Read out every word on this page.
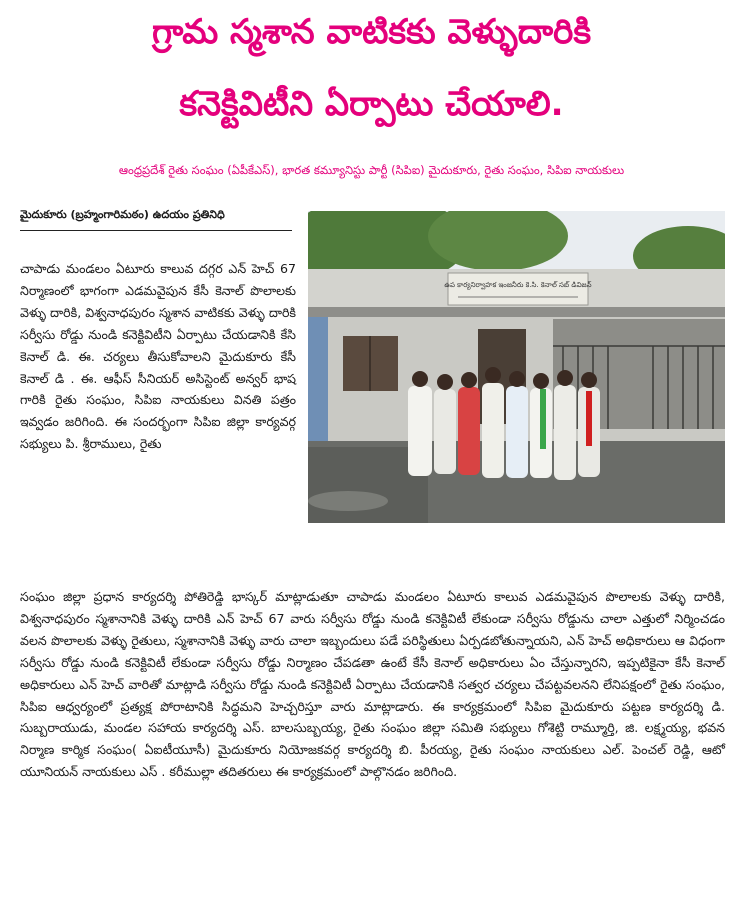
గ్రామ స్మశాన వాటికకు వెళ్ళుదారికి
కనెక్టివిటీని ఏర్పాటు చేయాలి.
ఆంధ్రప్రదేశ్ రైతు సంఘం (ఏపీకేఎస్), భారత కమ్యూనిస్టు పార్టీ (సిపిఐ) మైదుకూరు, రైతు సంఘం, సిపిఐ నాయకులు
మైదుకూరు (బ్రహ్మంగారిమఠం) ఉదయం ప్రతినిధి
ఉప కార్యనిర్వాహక ఇంజనీరు కె.సి. కెనాల్ సబ్ డివిజన్

చాపాడు మండలం ఏటూరు కాలువ దగ్గర ఎన్ హెచ్ 67 నిర్మాణంలో భాగంగా ఎడమవైపున కేసీ కెనాల్ పొలాలకు వెళ్ళు దారికి, విశ్వనాధపురం స్మశాన వాటికకు వెళ్ళు దారికి సర్వీసు రోడ్డు నుండి కనెక్టివిటీని ఏర్పాటు చేయడానికి కేసి కెనాల్ డి. ఈ. చర్యలు తీసుకోవాలని మైదుకూరు కేసీ కెనాల్ డి . ఈ. ఆఫీస్ సీనియర్ అసిస్టెంట్ అన్వర్ భాష గారికి రైతు సంఘం, సిపిఐ నాయకులు వినతి పత్రం ఇవ్వడం జరిగింది. ఈ సందర్భంగా సిపిఐ జిల్లా కార్యవర్గ సభ్యులు పి. శ్రీరాములు, రైతు

సంఘం జిల్లా ప్రధాన కార్యదర్శి పోతిరెడ్డి భాస్కర్ మాట్లాడుతూ చాపాడు మండలం ఏటూరు కాలువ ఎడమవైపున పొలాలకు వెళ్ళు దారికి, విశ్వనాధపురం స్మశానానికి వెళ్ళు దారికి ఎన్ హెచ్ 67 వారు సర్వీసు రోడ్డు నుండి కనెక్టివిటీ లేకుండా సర్వీసు రోడ్డును చాలా ఎత్తులో నిర్మించడం వలన పొలాలకు వెళ్ళు రైతులు, స్మశానానికి వెళ్ళు వారు చాలా ఇబ్బందులు పడే పరిస్థితులు ఏర్పడబోతున్నాయని, ఎన్ హెచ్ అధికారులు ఆ విధంగా సర్వీసు రోడ్డు నుండి కనెక్టివిటీ లేకుండా సర్వీసు రోడ్డు నిర్మాణం చేపడతా ఉంటే కేసీ కెనాల్ అధికారులు ఏం చేస్తున్నారని, ఇప్పటికైనా కేసీ కెనాల్ అధికారులు ఎన్ హెచ్ వారితో మాట్లాడి సర్వీసు రోడ్డు నుండి కనెక్టివిటీ ఏర్పాటు చేయడానికి సత్వర చర్యలు చేపట్టవలనని లేనిపక్షంలో రైతు సంఘం, సిపిఐ ఆధ్వర్యంలో ప్రత్యక్ష పోరాటానికి సిద్ధమని హెచ్చరిస్తూ వారు మాట్లాడారు. ఈ కార్యక్రమంలో సిపిఐ మైదుకూరు పట్టణ కార్యదర్శి డి. సుబ్బరాయుడు, మండల సహాయ కార్యదర్శి ఎస్. బాలసుబ్బయ్య, రైతు సంఘం జిల్లా సమితి సభ్యులు గోశెట్టి రామ్మూర్తి, జి. లక్ష్మయ్య, భవన నిర్మాణ కార్మిక సంఘం( ఏఐటీయూసీ) మైదుకూరు నియోజకవర్గ కార్యదర్శి బి. పీరయ్య, రైతు సంఘం నాయకులు ఎల్. పెంచల్ రెడ్డి, ఆటో యూనియన్ నాయకులు ఎస్ . కరీముల్లా తదితరులు ఈ కార్యక్రమంలో పాల్గొనడం జరిగింది.
